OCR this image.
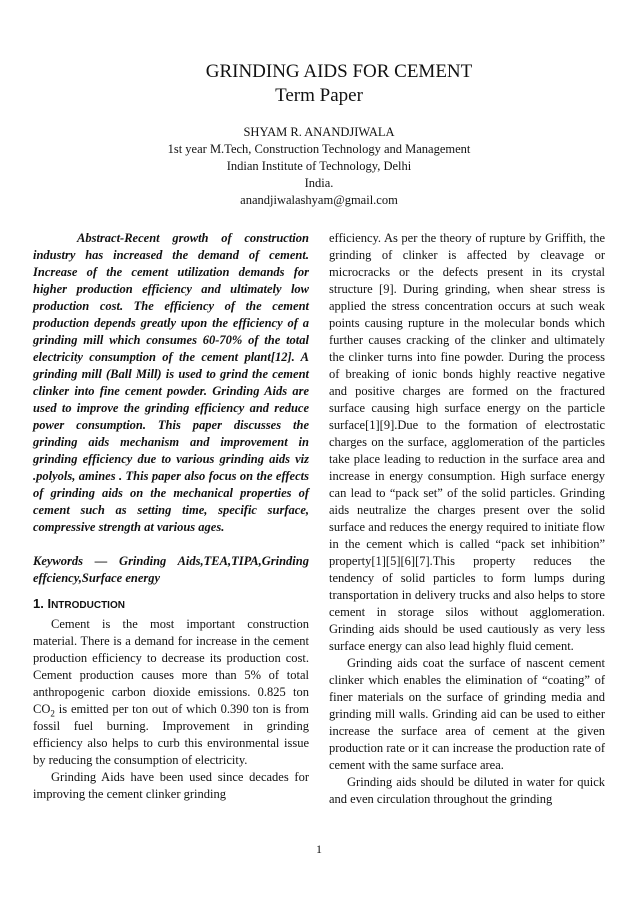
GRINDING AIDS FOR CEMENT
Term Paper
SHYAM R. ANANDJIWALA
1st year M.Tech, Construction Technology and Management
Indian Institute of Technology, Delhi
India.
anandjiwalashyam@gmail.com

Abstract-Recent growth of construction industry has increased the demand of cement. Increase of the cement utilization demands for higher production efficiency and ultimately low production cost. The efficiency of the cement production depends greatly upon the efficiency of a grinding mill which consumes 60-70% of the total electricity consumption of the cement plant[12]. A grinding mill (Ball Mill) is used to grind the cement clinker into fine cement powder. Grinding Aids are used to improve the grinding efficiency and reduce power consumption. This paper discusses the grinding aids mechanism and improvement in grinding efficiency due to various grinding aids viz .polyols, amines . This paper also focus on the effects of grinding aids on the mechanical properties of cement such as setting time, specific surface, compressive strength at various ages.

Keywords — Grinding Aids,TEA,TIPA,Grinding effciency,Surface energy

1. INTRODUCTION

Cement is the most important construction material. There is a demand for increase in the cement production efficiency to decrease its production cost. Cement production causes more than 5% of total anthropogenic carbon dioxide emissions. 0.825 ton $CO_2$ is emitted per ton out of which 0.390 ton is from fossil fuel burning. Improvement in grinding efficiency also helps to curb this environmental issue by reducing the consumption of electricity.

Grinding Aids have been used since decades for improving the cement clinker grinding

efficiency. As per the theory of rupture by Griffith, the grinding of clinker is affected by cleavage or microcracks or the defects present in its crystal structure [9]. During grinding, when shear stress is applied the stress concentration occurs at such weak points causing rupture in the molecular bonds which further causes cracking of the clinker and ultimately the clinker turns into fine powder. During the process of breaking of ionic bonds highly reactive negative and positive charges are formed on the fractured surface causing high surface energy on the particle surface[1][9].Due to the formation of electrostatic charges on the surface, agglomeration of the particles take place leading to reduction in the surface area and increase in energy consumption. High surface energy can lead to “pack set” of the solid particles. Grinding aids neutralize the charges present over the solid surface and reduces the energy required to initiate flow in the cement which is called “pack set inhibition” property[1][5][6][7].This property reduces the tendency of solid particles to form lumps during transportation in delivery trucks and also helps to store cement in storage silos without agglomeration. Grinding aids should be used cautiously as very less surface energy can also lead highly fluid cement.

Grinding aids coat the surface of nascent cement clinker which enables the elimination of “coating” of finer materials on the surface of grinding media and grinding mill walls. Grinding aid can be used to either increase the surface area of cement at the given production rate or it can increase the production rate of cement with the same surface area.

Grinding aids should be diluted in water for quick and even circulation throughout the grinding

1
